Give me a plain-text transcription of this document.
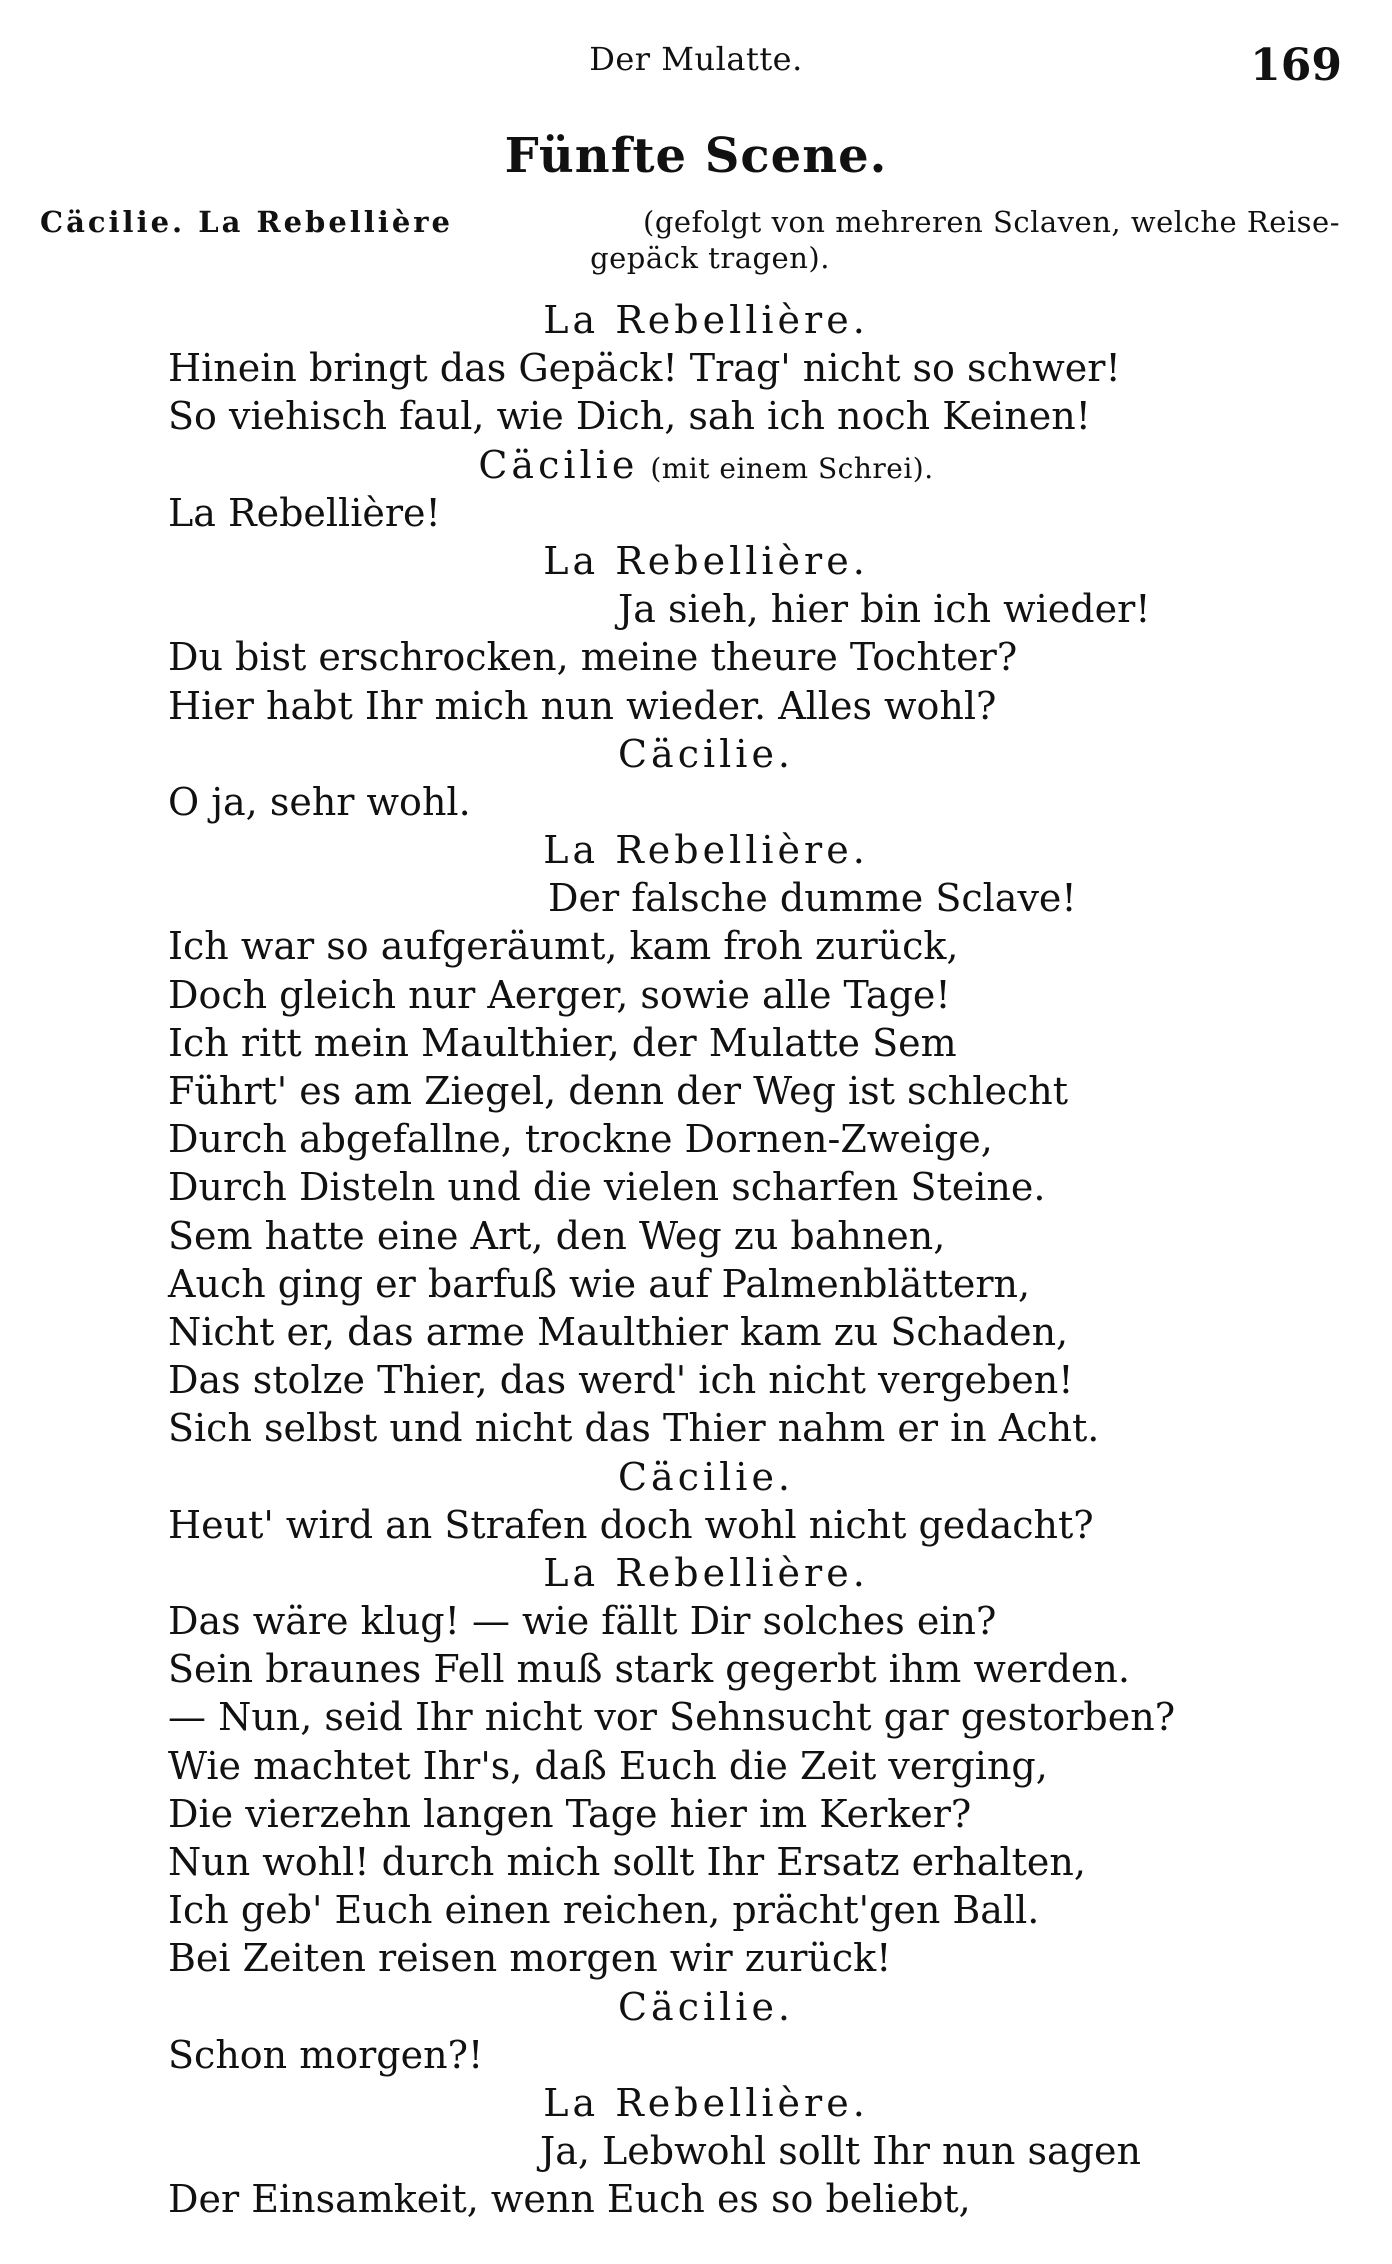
Der Mulatte.	169
Fünfte Scene.
Cäcilie. La Rebellière	(gefolgt von mehreren Sclaven, welche Reise-
gepäck tragen).
La Rebellière.
Hinein bringt das Gepäck! Trag' nicht so schwer!
So viehisch faul, wie Dich, sah ich noch Keinen!
Cäcilie (mit einem Schrei).
La Rebellière!
La Rebellière.
Ja sieh, hier bin ich wieder!
Du bist erschrocken, meine theure Tochter?
Hier habt Ihr mich nun wieder. Alles wohl?
Cäcilie.
O ja, sehr wohl.
La Rebellière.
Der falsche dumme Sclave!
Ich war so aufgeräumt, kam froh zurück,
Doch gleich nur Aerger, sowie alle Tage!
Ich ritt mein Maulthier, der Mulatte Sem
Führt' es am Ziegel, denn der Weg ist schlecht
Durch abgefallne, trockne Dornen-Zweige,
Durch Disteln und die vielen scharfen Steine.
Sem hatte eine Art, den Weg zu bahnen,
Auch ging er barfuß wie auf Palmenblättern,
Nicht er, das arme Maulthier kam zu Schaden,
Das stolze Thier, das werd' ich nicht vergeben!
Sich selbst und nicht das Thier nahm er in Acht.
Cäcilie.
Heut' wird an Strafen doch wohl nicht gedacht?
La Rebellière.
Das wäre klug! — wie fällt Dir solches ein?
Sein braunes Fell muß stark gegerbt ihm werden.
— Nun, seid Ihr nicht vor Sehnsucht gar gestorben?
Wie machtet Ihr's, daß Euch die Zeit verging,
Die vierzehn langen Tage hier im Kerker?
Nun wohl! durch mich sollt Ihr Ersatz erhalten,
Ich geb' Euch einen reichen, prächt'gen Ball.
Bei Zeiten reisen morgen wir zurück!
Cäcilie.
Schon morgen?!
La Rebellière.
Ja, Lebwohl sollt Ihr nun sagen
Der Einsamkeit, wenn Euch es so beliebt,
